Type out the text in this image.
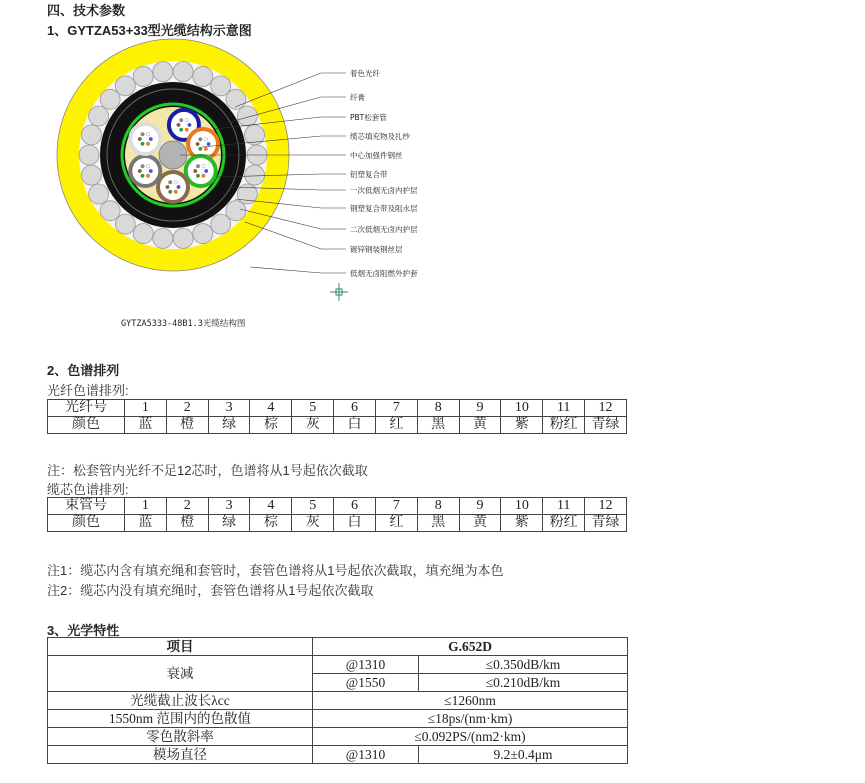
四、技术参数
1、GYTZA53+33型光缆结构示意图
着色光纤
纤膏
PBT松套管
缆芯填充物及扎纱
中心加强件钢丝
铝塑复合带
一次低烟无卤内护层
钢塑复合带及阻水层
二次低烟无卤内护层
镀锌钢装钢丝层
低烟无卤阻燃外护套
GYTZA5333-48B1.3光缆结构图
2、色谱排列
光纤色谱排列:
光纤号	1	2	3	4	5	6	7	8	9	10	11	12
颜色	蓝	橙	绿	棕	灰	白	红	黑	黄	紫	粉红	青绿
注：松套管内光纤不足12芯时，色谱将从1号起依次截取
缆芯色谱排列:
束管号	1	2	3	4	5	6	7	8	9	10	11	12
颜色	蓝	橙	绿	棕	灰	白	红	黑	黄	紫	粉红	青绿
注1：缆芯内含有填充绳和套管时，套管色谱将从1号起依次截取，填充绳为本色
注2：缆芯内没有填充绳时，套管色谱将从1号起依次截取
3、光学特性
项目	G.652D	
衰减	@1310	≤0.350dB/km
	@1550	≤0.210dB/km
光缆截止波长λcc	≤1260nm	
1550nm 范围内的色散值	≤18ps/(nm·km)	
零色散斜率	≤0.092PS/(nm2·km)	
模场直径	@1310	9.2±0.4μm
